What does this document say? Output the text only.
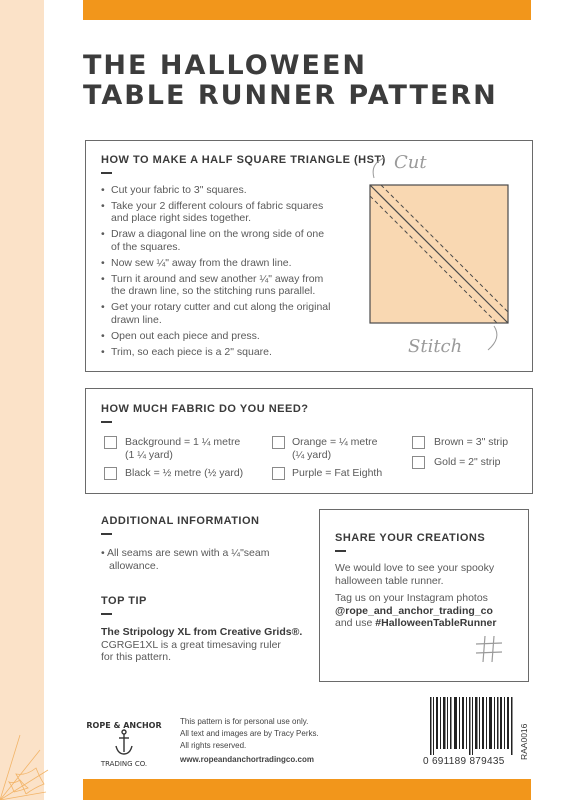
THE HALLOWEEN
TABLE RUNNER PATTERN
HOW TO MAKE A HALF SQUARE TRIANGLE (HST)
• Cut your fabric to 3" squares.
• Take your 2 different colours of fabric squares and place right sides together.
• Draw a diagonal line on the wrong side of one of the squares.
• Now sew ¼" away from the drawn line.
• Turn it around and sew another ¼" away from the drawn line, so the stitching runs parallel.
• Get your rotary cutter and cut along the original drawn line.
• Open out each piece and press.
• Trim, so each piece is a 2" square.
Cut
Stitch
HOW MUCH FABRIC DO YOU NEED?
Background = 1 ¼ metre
(1 ¼ yard)
Orange = ¼ metre
(¼ yard)
Brown = 3" strip
Gold = 2" strip
Black = ½ metre (½ yard)	Purple = Fat Eighth
ADDITIONAL INFORMATION
• All seams are sewn with a ¼"seam
allowance.
TOP TIP
The Stripology XL from Creative Grids®.
CGRGE1XL is a great timesaving ruler
for this pattern.
SHARE YOUR CREATIONS
We would love to see your spooky
halloween table runner.
Tag us on your Instagram photos
@rope_and_anchor_trading_co
and use #HalloweenTableRunner
ROPE & ANCHOR
TRADING CO.
This pattern is for personal use only.
All text and images are by Tracy Perks.
All rights reserved.
www.ropeandanchortradingco.com	0 691189 879435
RAA0016
